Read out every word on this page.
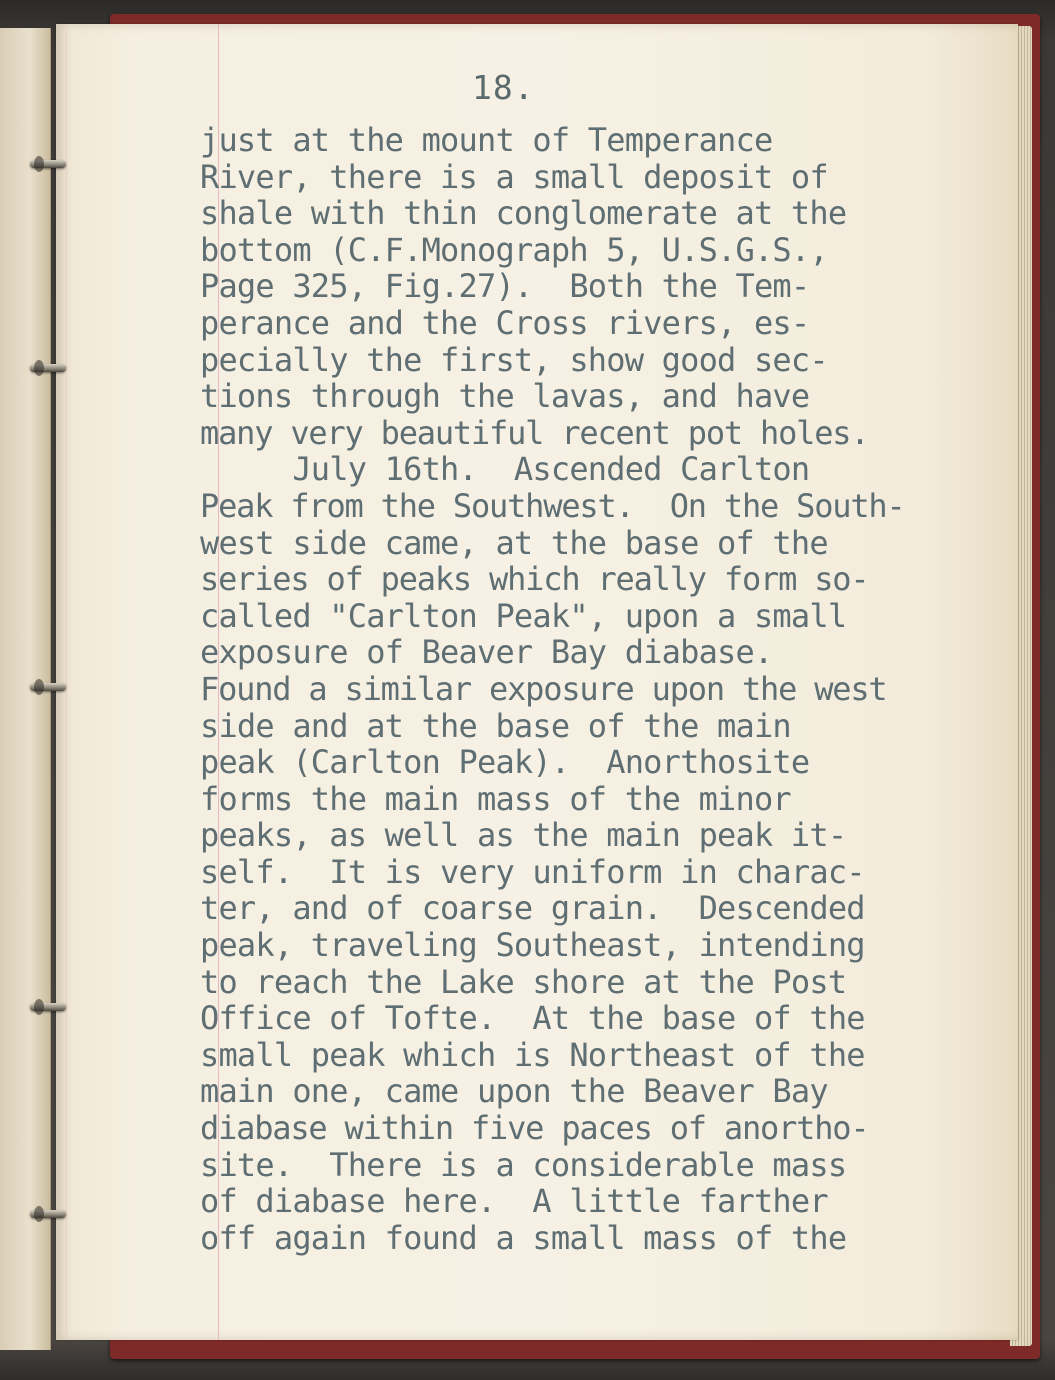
18.
just at the mount of Temperance
River, there is a small deposit of
shale with thin conglomerate at the
bottom (C.F.Monograph 5, U.S.G.S.,
Page 325, Fig.27).  Both the Tem-
perance and the Cross rivers, es-
pecially the first, show good sec-
tions through the lavas, and have
many very beautiful recent pot holes.
July 16th.  Ascended Carlton
Peak from the Southwest.  On the South-
west side came, at the base of the
series of peaks which really form so-
called "Carlton Peak", upon a small
exposure of Beaver Bay diabase.
Found a similar exposure upon the west
side and at the base of the main
peak (Carlton Peak).  Anorthosite
forms the main mass of the minor
peaks, as well as the main peak it-
self.  It is very uniform in charac-
ter, and of coarse grain.  Descended
peak, traveling Southeast, intending
to reach the Lake shore at the Post
Office of Tofte.  At the base of the
small peak which is Northeast of the
main one, came upon the Beaver Bay
diabase within five paces of anortho-
site.  There is a considerable mass
of diabase here.  A little farther
off again found a small mass of the
